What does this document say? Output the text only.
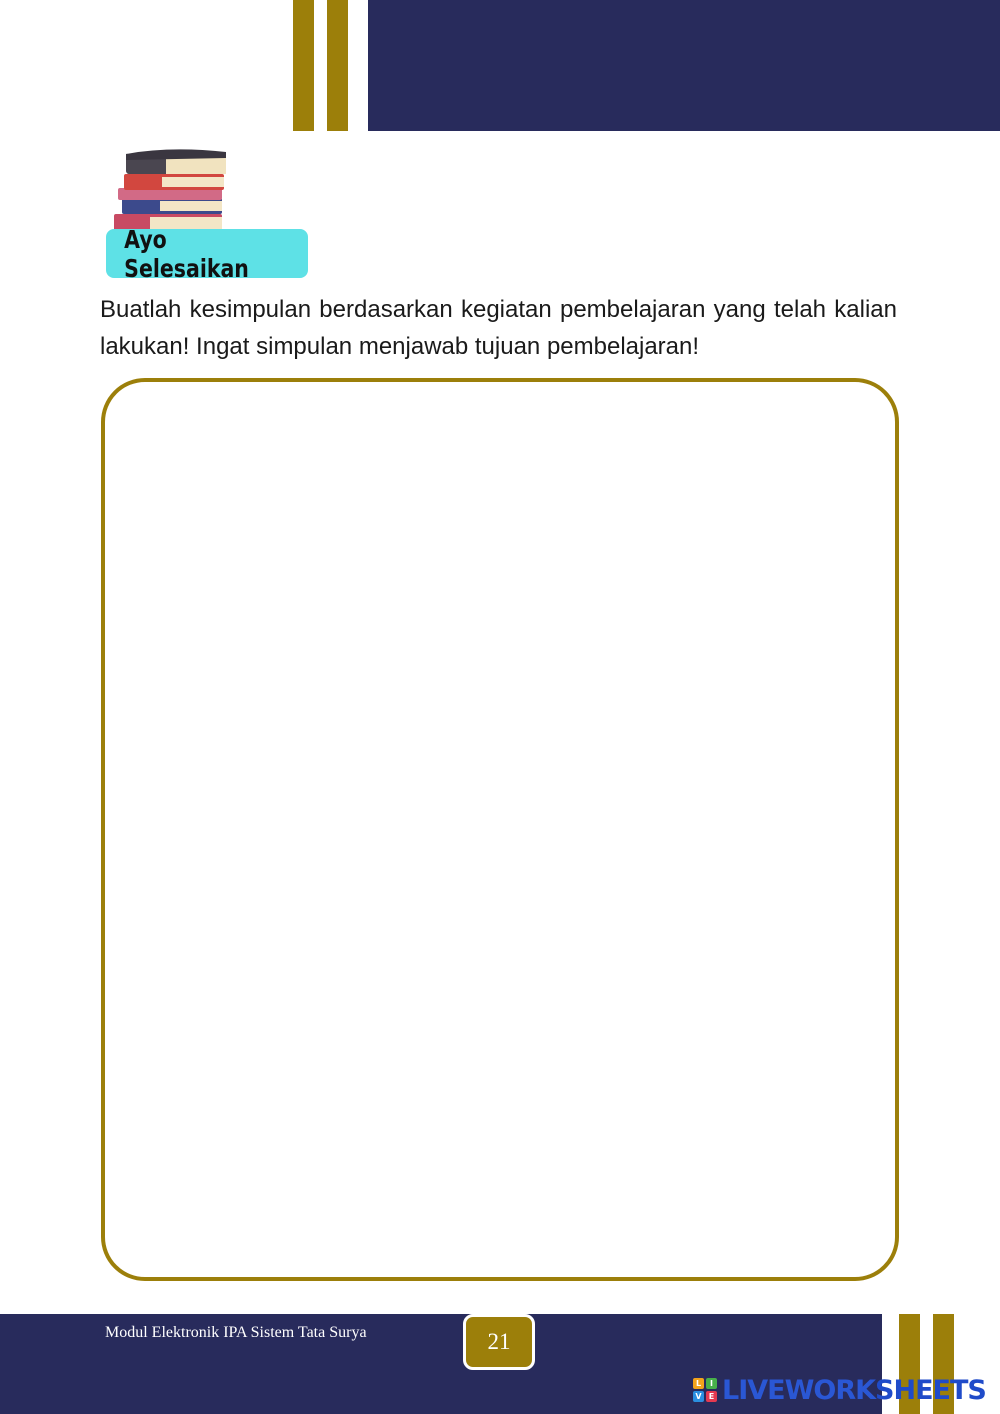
Ayo Selesaikan
Buatlah kesimpulan berdasarkan kegiatan pembelajaran yang telah kalian lakukan! Ingat simpulan menjawab tujuan pembelajaran!
Modul Elektronik IPA Sistem Tata Surya	21
L	I
V E LIVEWORK SHEETS
